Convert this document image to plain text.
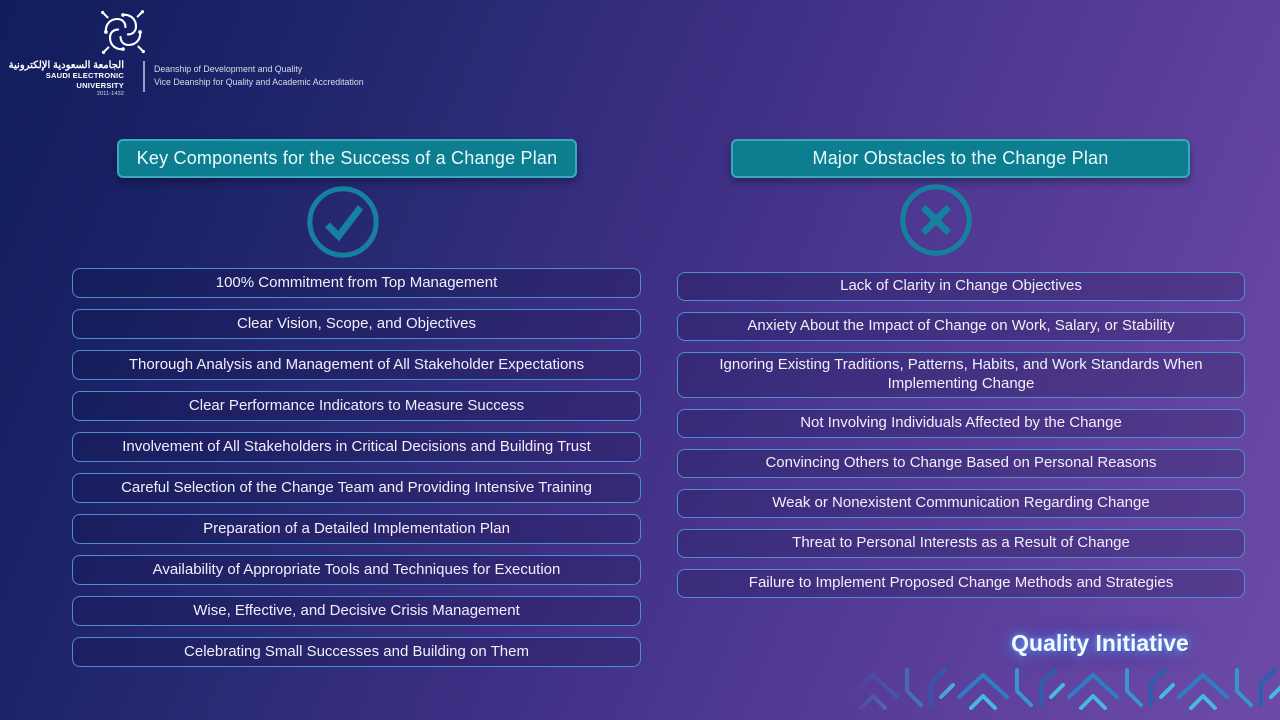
الجامعة السعودية الإلكترونية
SAUDI ELECTRONIC UNIVERSITY
2011-1432
Deanship of Development and Quality
Vice Deanship for Quality and Academic Accreditation
Key Components for the Success of a Change Plan	Major Obstacles to the Change Plan
100% Commitment from Top Management
Clear Vision, Scope, and Objectives
Thorough Analysis and Management of All Stakeholder Expectations
Clear Performance Indicators to Measure Success
Involvement of All Stakeholders in Critical Decisions and Building Trust
Careful Selection of the Change Team and Providing Intensive Training
Preparation of a Detailed Implementation Plan
Availability of Appropriate Tools and Techniques for Execution
Wise, Effective, and Decisive Crisis Management
Celebrating Small Successes and Building on Them
Lack of Clarity in Change Objectives
Anxiety About the Impact of Change on Work, Salary, or Stability
Ignoring Existing Traditions, Patterns, Habits, and Work Standards When Implementing Change
Not Involving Individuals Affected by the Change
Convincing Others to Change Based on Personal Reasons
Weak or Nonexistent Communication Regarding Change
Threat to Personal Interests as a Result of Change
Failure to Implement Proposed Change Methods and Strategies
Quality Initiative
